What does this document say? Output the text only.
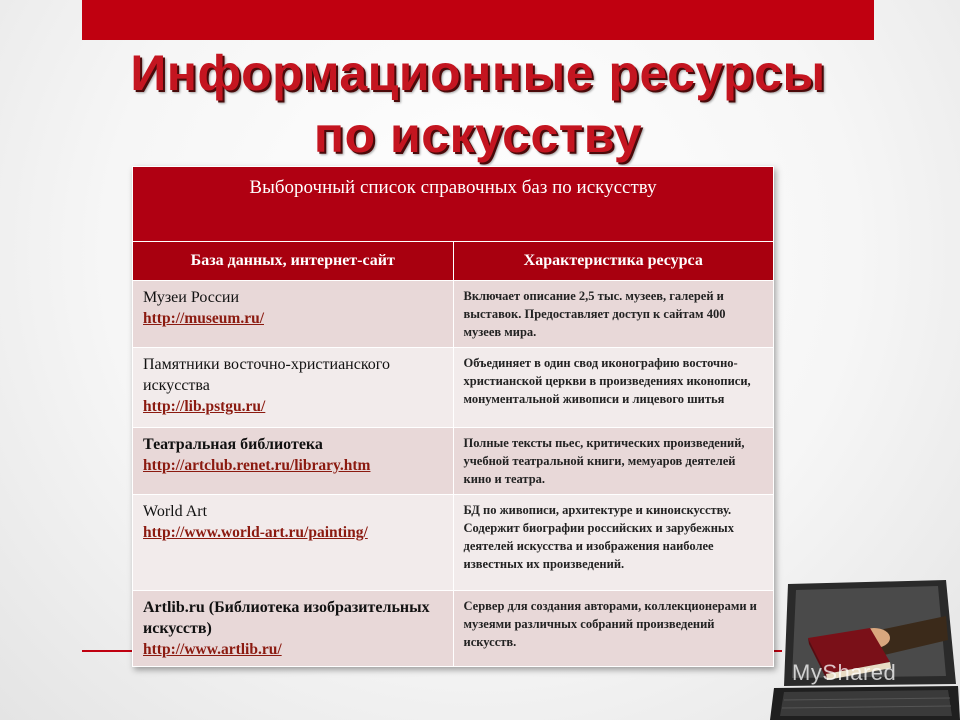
Информационные ресурсы
по искусству
Выборочный список справочных баз по искусству	
База данных, интернет-сайт	Характеристика ресурса

Музеи России
http://museum.ru/	Включает описание 2,5 тыс. музеев, галерей и выставок. Предоставляет доступ к сайтам 400 музеев мира.

Памятники восточно-христианского искусства
http://lib.pstgu.ru/	Объединяет в один свод иконографию восточно-христианской церкви в произведениях иконописи, монументальной живописи и лицевого шитья

Театральная библиотека
http://artclub.renet.ru/library.htm	Полные тексты пьес, критических произведений, учебной театральной книги, мемуаров деятелей кино и театра.

World Art
http://www.world-art.ru/painting/	БД по живописи, архитектуре и киноискусству. Содержит биографии российских и зарубежных деятелей искусства и изображения наиболее известных их произведений.

Artlib.ru (Библиотека изобразительных искусств)
http://www.artlib.ru/	Сервер для создания авторами, коллекционерами и музеями различных собраний произведений искусств.
MyShared
